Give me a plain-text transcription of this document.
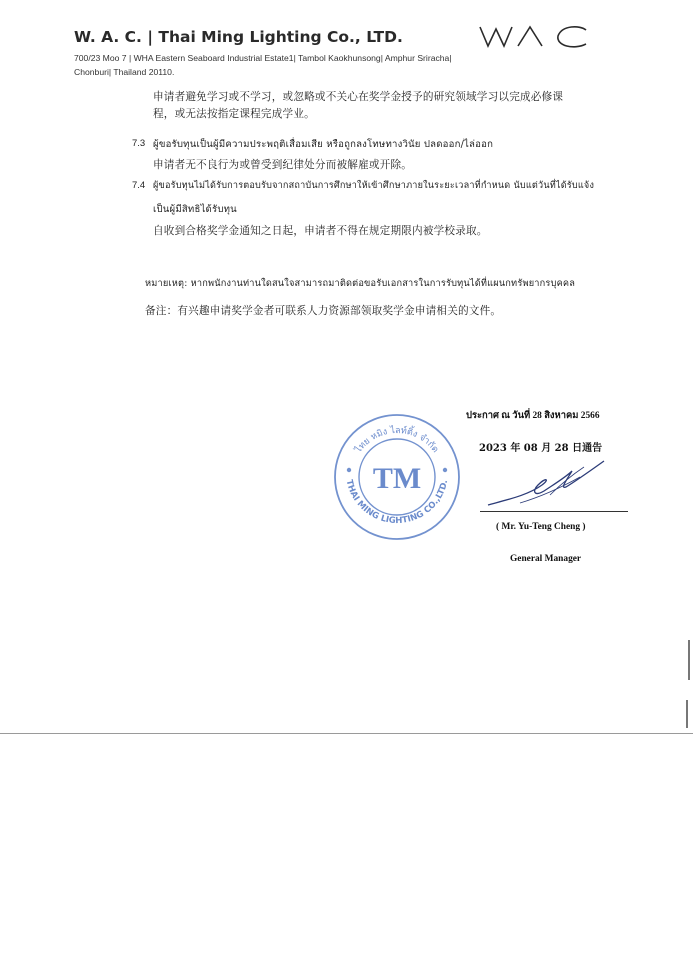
W. A. C. | Thai Ming Lighting Co., LTD.
700/23 Moo 7 | WHA Eastern Seaboard Industrial Estate1| Tambol Kaokhunsong| Amphur Sriracha|
Chonburi| Thailand 20110.
申请者避免学习或不学习，或忽略或不关心在奖学金授予的研究领域学习以完成必修课
程，或无法按指定课程完成学业。
7.3 ผู้ขอรับทุนเป็นผู้มีความประพฤติเสื่อมเสีย หรือถูกลงโทษทางวินัย ปลดออก/ไล่ออก
申请者无不良行为或曾受到纪律处分而被解雇或开除。
7.4 ผู้ขอรับทุนไม่ได้รับการตอบรับจากสถาบันการศึกษาให้เข้าศึกษาภายในระยะเวลาที่กำหนด นับแต่วันที่ได้รับแจ้ง
เป็นผู้มีสิทธิได้รับทุน
自收到合格奖学金通知之日起，申请者不得在规定期限内被学校录取。
หมายเหตุ: หากพนักงานท่านใดสนใจสามารถมาติดต่อขอรับเอกสารในการรับทุนได้ที่แผนกทรัพยากรบุคคล
备注：有兴趣申请奖学金者可联系人力资源部领取奖学金申请相关的文件。
ประกาศ ณ วันที่ 28 สิงหาคม 2566
2023 年 08 月 28 日通告
ไทย หมิง ไลท์ติ้ง จำกัด
THAI MING LIGHTING CO.,LTD.
TM
( Mr. Yu-Teng Cheng )
General Manager
